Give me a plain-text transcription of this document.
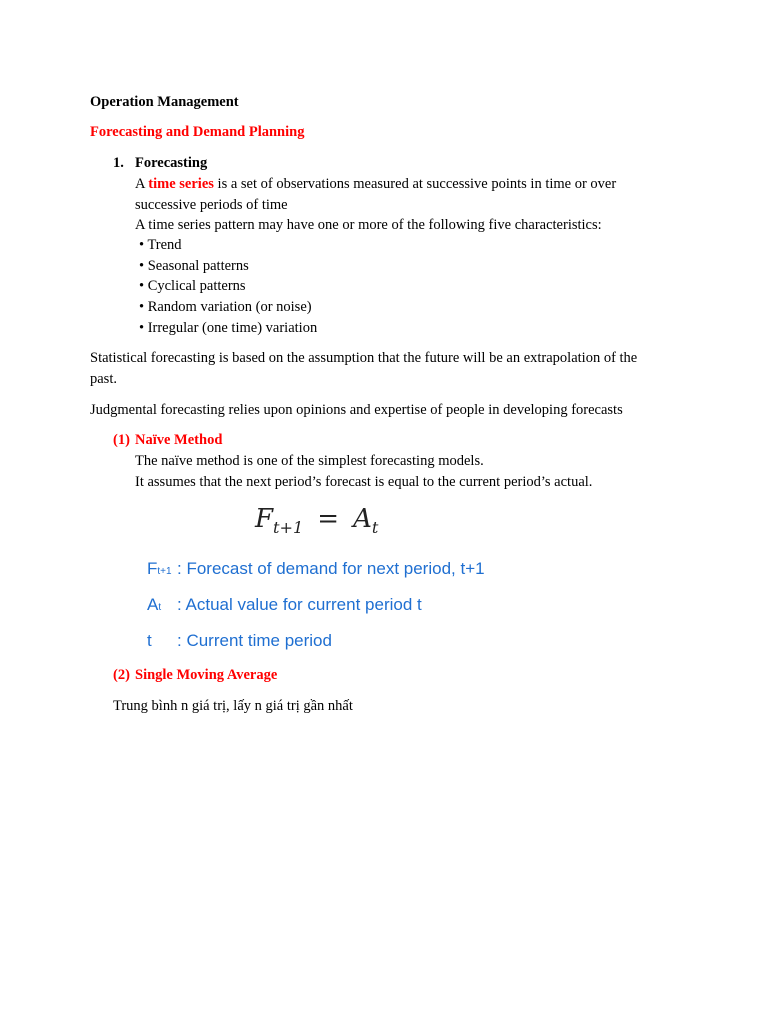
Operation Management
Forecasting and Demand Planning
1. Forecasting
A time series is a set of observations measured at successive points in time or over
successive periods of time
A time series pattern may have one or more of the following five characteristics:
• Trend
• Seasonal patterns
• Cyclical patterns
• Random variation (or noise)
• Irregular (one time) variation
Statistical forecasting is based on the assumption that the future will be an extrapolation of the
past.
Judgmental forecasting relies upon opinions and expertise of people in developing forecasts
(1) Naïve Method
The naïve method is one of the simplest forecasting models.
It assumes that the next period’s forecast is equal to the current period’s actual.
$F_{t+1} = A_t$
Ft+1 : Forecast of demand for next period, t+1
At : Actual value for current period t
t : Current time period
(2) Single Moving Average
Trung bình n giá trị, lấy n giá trị gần nhất
